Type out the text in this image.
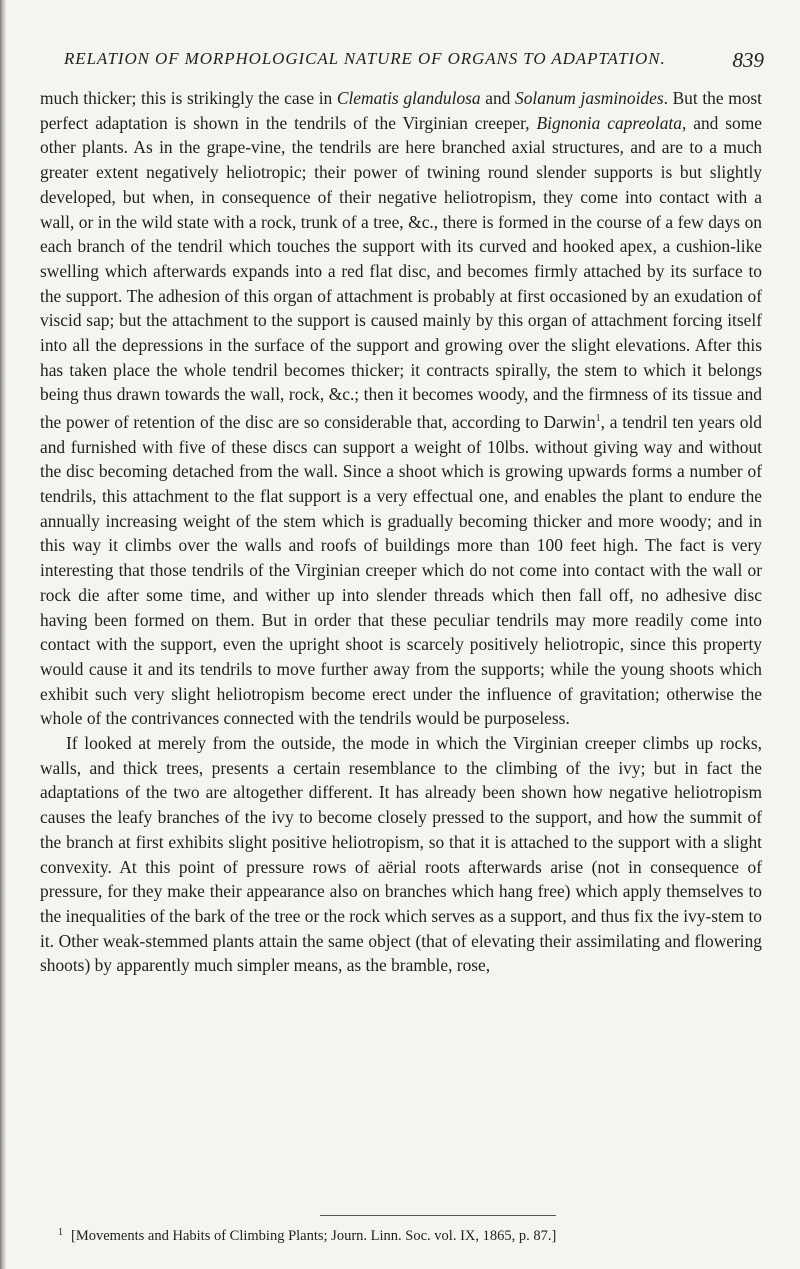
RELATION OF MORPHOLOGICAL NATURE OF ORGANS TO ADAPTATION.	839

much thicker; this is strikingly the case in Clematis glandulosa and Solanum jasminoides. But the most perfect adaptation is shown in the tendrils of the Virginian creeper, Bignonia capreolata, and some other plants. As in the grape-vine, the tendrils are here branched axial structures, and are to a much greater extent negatively heliotropic; their power of twining round slender supports is but slightly developed, but when, in consequence of their negative heliotropism, they come into contact with a wall, or in the wild state with a rock, trunk of a tree, &c., there is formed in the course of a few days on each branch of the tendril which touches the support with its curved and hooked apex, a cushion-like swelling which afterwards expands into a red flat disc, and becomes firmly attached by its surface to the support. The adhesion of this organ of attachment is probably at first occasioned by an exudation of viscid sap; but the attachment to the support is caused mainly by this organ of attachment forcing itself into all the depressions in the surface of the support and growing over the slight elevations. After this has taken place the whole tendril becomes thicker; it contracts spirally, the stem to which it belongs being thus drawn towards the wall, rock, &c.; then it becomes woody, and the firmness of its tissue and the power of retention of the disc are so considerable that, according to Darwin$^1$, a tendril ten years old and furnished with five of these discs can support a weight of 10lbs. without giving way and without the disc becoming detached from the wall. Since a shoot which is growing upwards forms a number of tendrils, this attachment to the flat support is a very effectual one, and enables the plant to endure the annually increasing weight of the stem which is gradually becoming thicker and more woody; and in this way it climbs over the walls and roofs of buildings more than 100 feet high. The fact is very interesting that those tendrils of the Virginian creeper which do not come into contact with the wall or rock die after some time, and wither up into slender threads which then fall off, no adhesive disc having been formed on them. But in order that these peculiar tendrils may more readily come into contact with the support, even the upright shoot is scarcely positively heliotropic, since this property would cause it and its tendrils to move further away from the supports; while the young shoots which exhibit such very slight heliotropism become erect under the influence of gravitation; otherwise the whole of the contrivances connected with the tendrils would be purposeless.

If looked at merely from the outside, the mode in which the Virginian creeper climbs up rocks, walls, and thick trees, presents a certain resemblance to the climbing of the ivy; but in fact the adaptations of the two are altogether different. It has already been shown how negative heliotropism causes the leafy branches of the ivy to become closely pressed to the support, and how the summit of the branch at first exhibits slight positive heliotropism, so that it is attached to the support with a slight convexity. At this point of pressure rows of aërial roots afterwards arise (not in consequence of pressure, for they make their appearance also on branches which hang free) which apply themselves to the inequalities of the bark of the tree or the rock which serves as a support, and thus fix the ivy-stem to it. Other weak-stemmed plants attain the same object (that of elevating their assimilating and flowering shoots) by apparently much simpler means, as the bramble, rose,

$^1$ [Movements and Habits of Climbing Plants; Journ. Linn. Soc. vol. IX, 1865, p. 87.]
